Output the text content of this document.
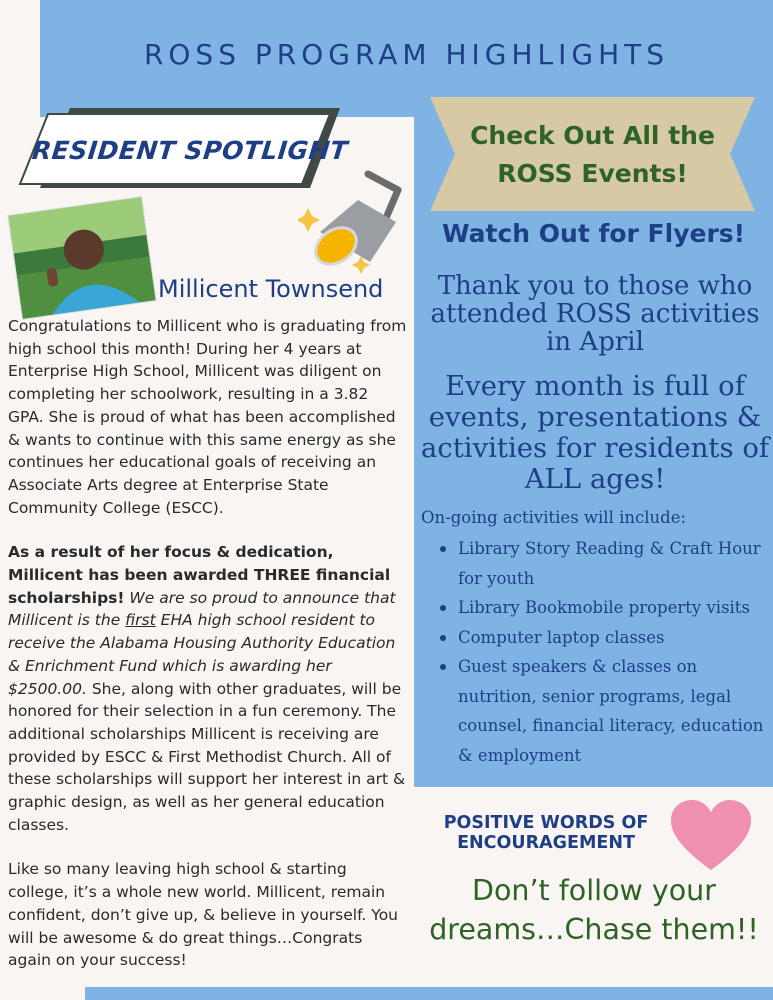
ROSS PROGRAM HIGHLIGHTS
RESIDENT SPOTLIGHT
Millicent Townsend

Congratulations to Millicent who is graduating from high school this month! During her 4 years at Enterprise High School, Millicent was diligent on completing her schoolwork, resulting in a 3.82 GPA. She is proud of what has been accomplished & wants to continue with this same energy as she continues her educational goals of receiving an Associate Arts degree at Enterprise State Community College (ESCC).

As a result of her focus & dedication, Millicent has been awarded THREE financial scholarships! We are so proud to announce that Millicent is the first EHA high school resident to receive the Alabama Housing Authority Education & Enrichment Fund which is awarding her $2500.00. She, along with other graduates, will be honored for their selection in a fun ceremony. The additional scholarships Millicent is receiving are provided by ESCC & First Methodist Church. All of these scholarships will support her interest in art & graphic design, as well as her general education classes.

Like so many leaving high school & starting college, it’s a whole new world. Millicent, remain confident, don’t give up, & believe in yourself. You will be awesome & do great things…Congrats again on your success!

Check Out All the ROSS Events!
Watch Out for Flyers!
Thank you to those who attended ROSS activities in April
Every month is full of events, presentations & activities for residents of ALL ages!
On-going activities will include:
Library Story Reading & Craft Hour for youth
Library Bookmobile property visits
Computer laptop classes
Guest speakers & classes on nutrition, senior programs, legal counsel, financial literacy, education & employment
POSITIVE WORDS OF ENCOURAGEMENT
Don’t follow your dreams…Chase them!!
